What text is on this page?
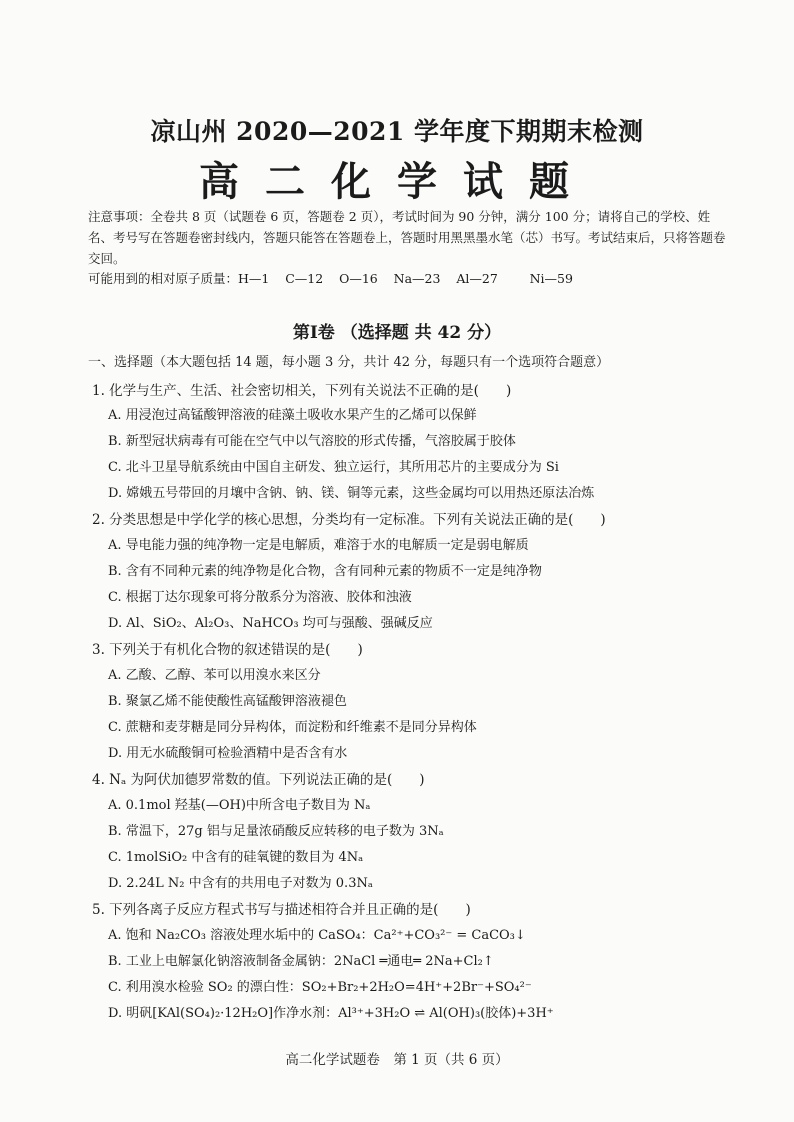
凉山州 2020—2021 学年度下期期末检测
高二化学试题
注意事项：全卷共 8 页（试题卷 6 页，答题卷 2 页），考试时间为 90 分钟，满分 100 分；请将自己的学校、姓名、考号写在答题卷密封线内，答题只能答在答题卷上，答题时用黑黑墨水笔（芯）书写。考试结束后，只将答题卷交回。
可能用到的相对原子质量：H—1    C—12    O—16    Na—23    Al—27        Ni—59
第Ⅰ卷 （选择题 共 42 分）
一、选择题（本大题包括 14 题，每小题 3 分，共计 42 分，每题只有一个选项符合题意）
1. 化学与生产、生活、社会密切相关，下列有关说法不正确的是(　　)
A. 用浸泡过高锰酸钾溶液的硅藻土吸收水果产生的乙烯可以保鲜
B. 新型冠状病毒有可能在空气中以气溶胶的形式传播，气溶胶属于胶体
C. 北斗卫星导航系统由中国自主研发、独立运行，其所用芯片的主要成分为 Si
D. 嫦娥五号带回的月壤中含钠、钠、镁、铜等元素，这些金属均可以用热还原法冶炼
2. 分类思想是中学化学的核心思想，分类均有一定标准。下列有关说法正确的是(　　)
A. 导电能力强的纯净物一定是电解质，难溶于水的电解质一定是弱电解质
B. 含有不同种元素的纯净物是化合物，含有同种元素的物质不一定是纯净物
C. 根据丁达尔现象可将分散系分为溶液、胶体和浊液
D. Al、SiO₂、Al₂O₃、NaHCO₃ 均可与强酸、强碱反应
3. 下列关于有机化合物的叙述错误的是(　　)
A. 乙酸、乙醇、苯可以用溴水来区分
B. 聚氯乙烯不能使酸性高锰酸钾溶液褪色
C. 蔗糖和麦芽糖是同分异构体，而淀粉和纤维素不是同分异构体
D. 用无水硫酸铜可检验酒精中是否含有水
4. Nₐ 为阿伏加德罗常数的值。下列说法正确的是(　　)
A. 0.1mol 羟基(—OH)中所含电子数目为 Nₐ
B. 常温下，27g 铝与足量浓硝酸反应转移的电子数为 3Nₐ
C. 1molSiO₂ 中含有的硅氧键的数目为 4Nₐ
D. 2.24L N₂ 中含有的共用电子对数为 0.3Nₐ
5. 下列各离子反应方程式书写与描述相符合并且正确的是(　　)
A. 饱和 Na₂CO₃ 溶液处理水垢中的 CaSO₄：Ca²⁺+CO₃²⁻ = CaCO₃↓
B. 工业上电解氯化钠溶液制备金属钠：2NaCl ═通电═ 2Na+Cl₂↑
C. 利用溴水检验 SO₂ 的漂白性：SO₂+Br₂+2H₂O=4H⁺+2Br⁻+SO₄²⁻
D. 明矾[KAl(SO₄)₂·12H₂O]作净水剂：Al³⁺+3H₂O ⇌ Al(OH)₃(胶体)+3H⁺
高二化学试题卷　第 1 页（共 6 页）
